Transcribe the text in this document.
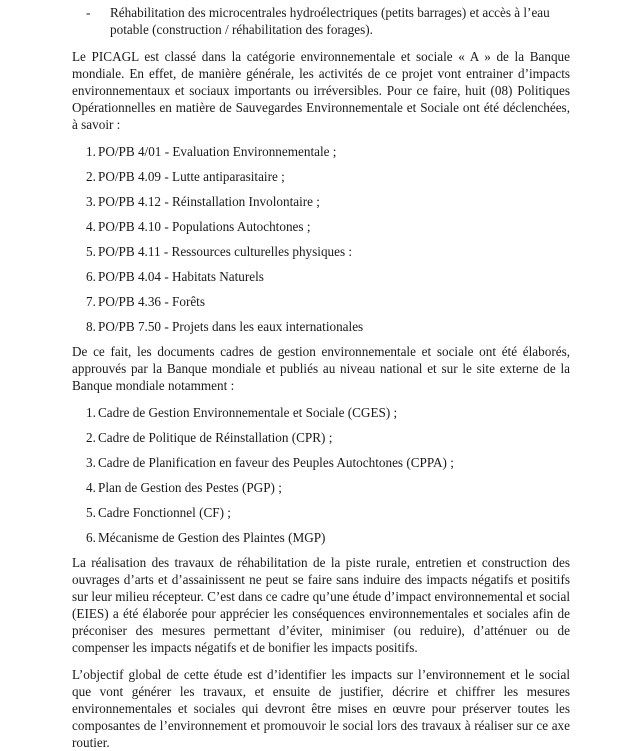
-	Réhabilitation des microcentrales hydroélectriques (petits barrages) et accès à l’eau potable (construction / réhabilitation des forages).

Le PICAGL est classé dans la catégorie environnementale et sociale « A » de la Banque mondiale. En effet, de manière générale, les activités de ce projet vont entrainer d’impacts environnementaux et sociaux importants ou irréversibles. Pour ce faire, huit (08) Politiques Opérationnelles en matière de Sauvegardes Environnementale et Sociale ont été déclenchées, à savoir :

1. PO/PB 4/01 - Evaluation Environnementale ;
2. PO/PB 4.09 - Lutte antiparasitaire ;
3. PO/PB 4.12 - Réinstallation Involontaire ;
4. PO/PB 4.10 - Populations Autochtones ;
5. PO/PB 4.11 - Ressources culturelles physiques :
6. PO/PB 4.04 - Habitats Naturels
7. PO/PB 4.36 - Forêts
8. PO/PB 7.50 - Projets dans les eaux internationales

De ce fait, les documents cadres de gestion environnementale et sociale ont été élaborés, approuvés par la Banque mondiale et publiés au niveau national et sur le site externe de la Banque mondiale notamment :

1. Cadre de Gestion Environnementale et Sociale (CGES) ;
2. Cadre de Politique de Réinstallation (CPR) ;
3. Cadre de Planification en faveur des Peuples Autochtones (CPPA) ;
4. Plan de Gestion des Pestes (PGP) ;
5. Cadre Fonctionnel (CF) ;
6. Mécanisme de Gestion des Plaintes (MGP)

La réalisation des travaux de réhabilitation de la piste rurale, entretien et construction des ouvrages d’arts et d’assainissent ne peut se faire sans induire des impacts négatifs et positifs sur leur milieu récepteur. C’est dans ce cadre qu’une étude d’impact environnemental et social (EIES) a été élaborée pour apprécier les conséquences environnementales et sociales afin de préconiser des mesures permettant d’éviter, minimiser (ou reduire), d’atténuer ou de compenser les impacts négatifs et de bonifier les impacts positifs.

L’objectif global de cette étude est d’identifier les impacts sur l’environnement et le social que vont générer les travaux, et ensuite de justifier, décrire et chiffrer les mesures environnementales et sociales qui devront être mises en œuvre pour préserver toutes les composantes de l’environnement et promouvoir le social lors des travaux à réaliser sur ce axe routier.
